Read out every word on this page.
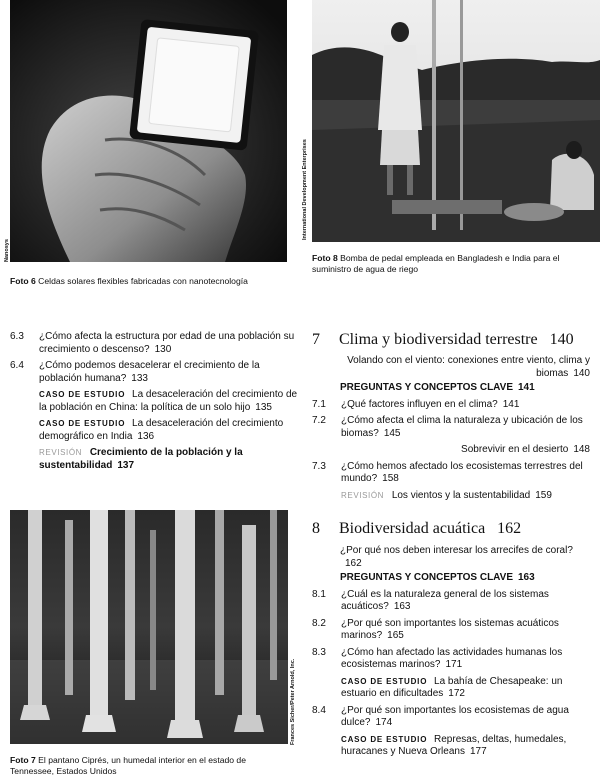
Nanosys
Foto 6 Celdas solares flexibles fabricadas con nanotecnología
International Development Enterprises
Foto 8 Bomba de pedal empleada en Bangladesh e India para el suministro de agua de riego
6.3 ¿Cómo afecta la estructura por edad de una población su crecimiento o descenso? 130
6.4 ¿Cómo podemos desacelerar el crecimiento de la población humana? 133
CASO DE ESTUDIO La desaceleración del crecimiento de la población en China: la política de un solo hijo 135
CASO DE ESTUDIO La desaceleración del crecimiento demográfico en India 136
REVISIÓN Crecimiento de la población y la sustentabilidad 137
Frances Sicher/Peter Arnold, Inc.
Foto 7 El pantano Ciprés, un humedal interior en el estado de Tennessee, Estados Unidos
7 Clima y biodiversidad terrestre 140
Volando con el viento: conexiones entre viento, clima y biomas 140
PREGUNTAS Y CONCEPTOS CLAVE 141
7.1 ¿Qué factores influyen en el clima? 141
7.2 ¿Cómo afecta el clima la naturaleza y ubicación de los biomas? 145
Sobrevivir en el desierto 148
7.3 ¿Cómo hemos afectado los ecosistemas terrestres del mundo? 158
REVISIÓN Los vientos y la sustentabilidad 159
8 Biodiversidad acuática 162
¿Por qué nos deben interesar los arrecifes de coral?162
PREGUNTAS Y CONCEPTOS CLAVE 163
8.1 ¿Cuál es la naturaleza general de los sistemas acuáticos? 163
8.2 ¿Por qué son importantes los sistemas acuáticos marinos? 165
8.3 ¿Cómo han afectado las actividades humanas los ecosistemas marinos? 171
CASO DE ESTUDIO La bahía de Chesapeake: un estuario en dificultades 172
8.4 ¿Por qué son importantes los ecosistemas de agua dulce? 174
CASO DE ESTUDIO Represas, deltas, humedales, huracanes y Nueva Orleans 177
